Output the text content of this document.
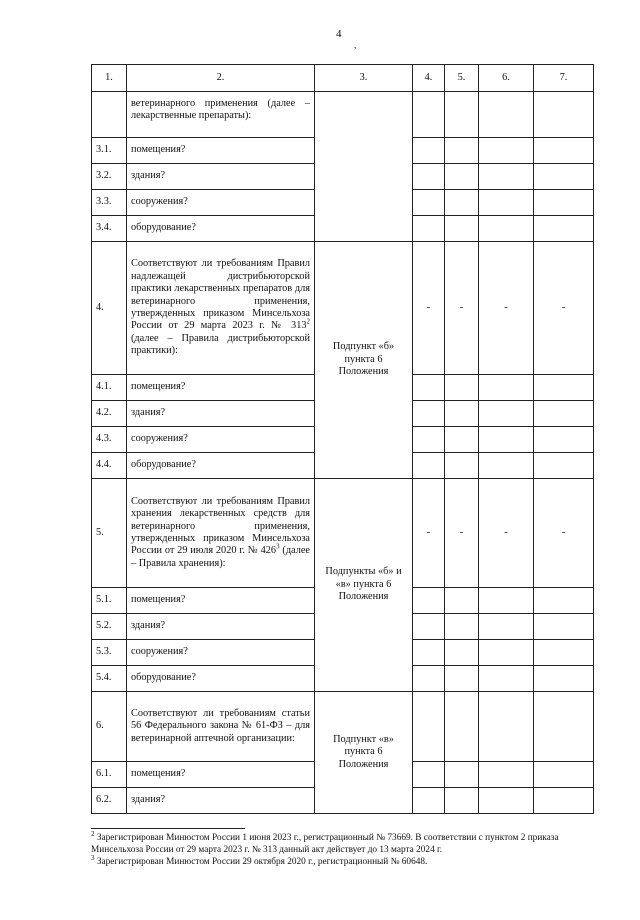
4
,
1.	2.	3.	4.	5.	6.	7.
	ветеринарного применения (далее – лекарственные препараты):					
3.1.	помещения?					
3.2.	здания?					
3.3.	сооружения?					
3.4.	оборудование?					
4.	Соответствуют ли требованиям Правил надлежащей дистрибьюторской практики лекарственных препаратов для ветеринарного применения, утвержденных приказом Минсельхоза России от 29 марта 2023 г. № $313^2$ (далее – Правила дистрибьюторской практики):	Подпункт «б» пункта 6 Положения	-	-	-	-
4.1.	помещения?					
4.2.	здания?					
4.3.	сооружения?					
4.4.	оборудование?					
5.	Соответствуют ли требованиям Правил хранения лекарственных средств для ветеринарного применения, утвержденных приказом Минсельхоза России от 29 июля 2020 г. № $426^3$ (далее – Правила хранения):	Подпункты «б» и «в» пункта 6 Положения	-	-	-	-
5.1.	помещения?					
5.2.	здания?					
5.3.	сооружения?					
5.4.	оборудование?					
6.	Соответствуют ли требованиям статьи 56 Федерального закона № 61-ФЗ – для ветеринарной аптечной организации:	Подпункт «в» пункта 6 Положения				
6.1.	помещения?					
6.2.	здания?					

$^2$ Зарегистрирован Минюстом России 1 июня 2023 г., регистрационный № 73669. В соответствии с пунктом 2 приказа Минсельхоза России от 29 марта 2023 г. № 313 данный акт действует до 13 марта 2024 г.

$^3$ Зарегистрирован Минюстом России 29 октября 2020 г., регистрационный № 60648.
